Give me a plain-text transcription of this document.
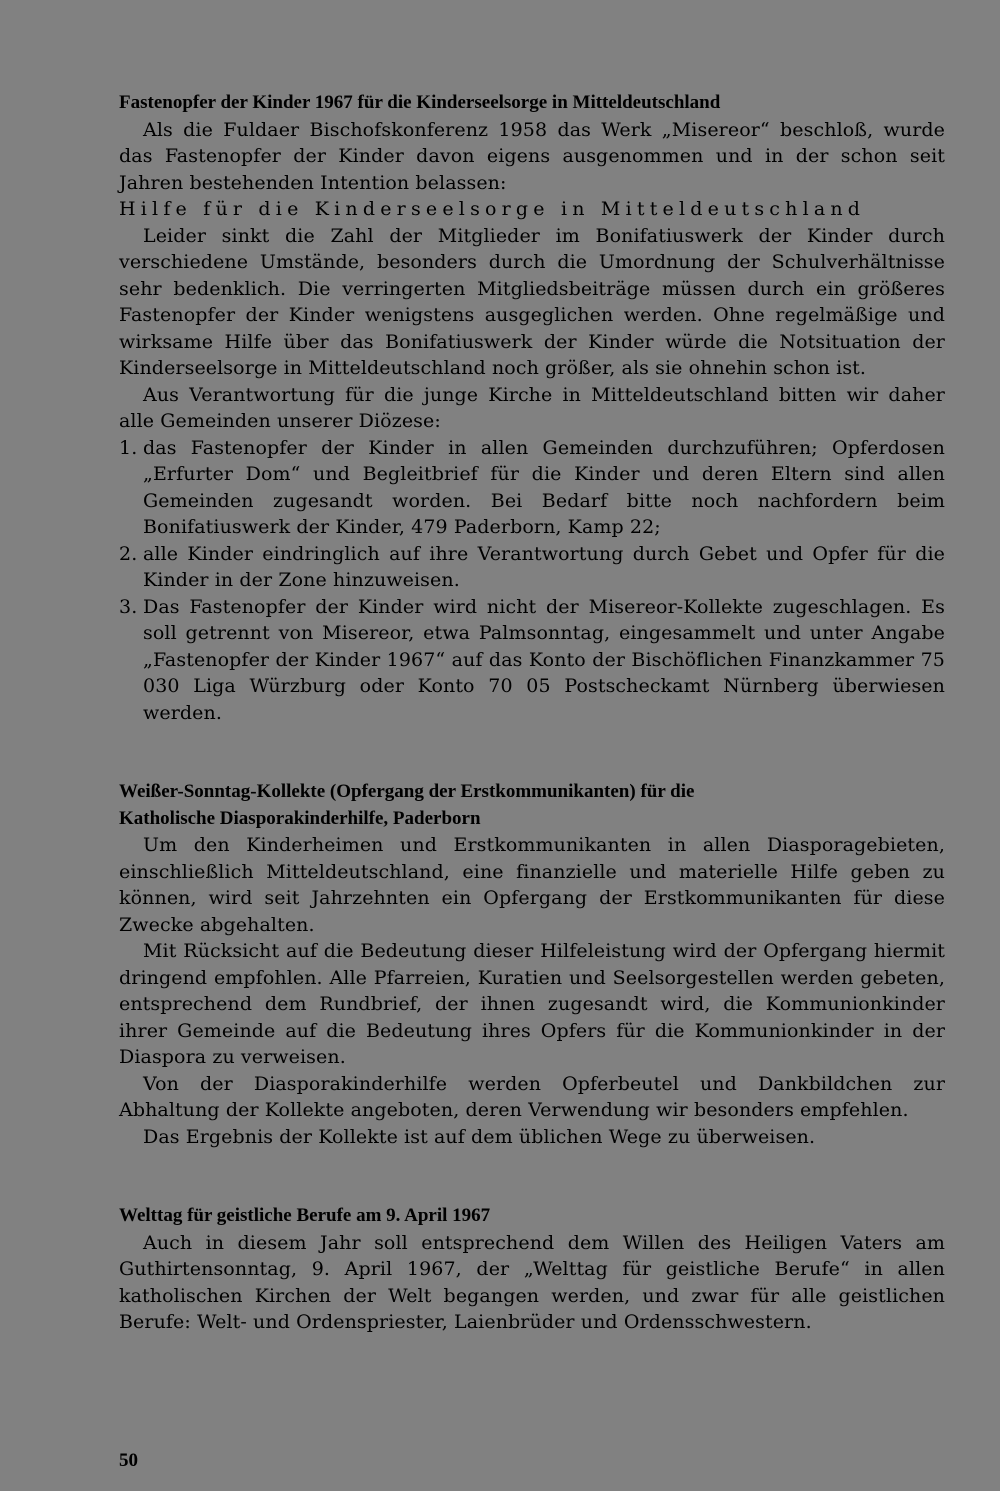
Fastenopfer der Kinder 1967 für die Kinderseelsorge in Mitteldeutschland

Als die Fuldaer Bischofskonferenz 1958 das Werk „Misereor“ beschloß, wurde das Fastenopfer der Kinder davon eigens ausgenommen und in der schon seit Jahren bestehenden Intention belassen:

Hilfe für die Kinderseelsorge in Mitteldeutschland

Leider sinkt die Zahl der Mitglieder im Bonifatiuswerk der Kinder durch verschiedene Umstände, besonders durch die Umordnung der Schulverhältnisse sehr bedenklich. Die verringerten Mitgliedsbeiträge müssen durch ein größeres Fastenopfer der Kinder wenigstens ausgeglichen werden. Ohne regelmäßige und wirksame Hilfe über das Bonifatiuswerk der Kinder würde die Notsituation der Kinderseelsorge in Mitteldeutschland noch größer, als sie ohnehin schon ist.

Aus Verantwortung für die junge Kirche in Mitteldeutschland bitten wir daher alle Gemeinden unserer Diözese:

1. das Fastenopfer der Kinder in allen Gemeinden durchzuführen; Opferdosen „Erfurter Dom“ und Begleitbrief für die Kinder und deren Eltern sind allen Gemeinden zugesandt worden. Bei Bedarf bitte noch nachfordern beim Bonifatiuswerk der Kinder, 479 Paderborn, Kamp 22;
2. alle Kinder eindringlich auf ihre Verantwortung durch Gebet und Opfer für die Kinder in der Zone hinzuweisen.
3. Das Fastenopfer der Kinder wird nicht der Misereor-Kollekte zugeschlagen. Es soll getrennt von Misereor, etwa Palmsonntag, eingesammelt und unter Angabe „Fastenopfer der Kinder 1967“ auf das Konto der Bischöflichen Finanzkammer 75 030 Liga Würzburg oder Konto 70 05 Postscheckamt Nürnberg überwiesen werden.
Weißer-Sonntag-Kollekte (Opfergang der Erstkommunikanten) für die
Katholische Diasporakinderhilfe, Paderborn

Um den Kinderheimen und Erstkommunikanten in allen Diasporagebieten, einschließlich Mitteldeutschland, eine finanzielle und materielle Hilfe geben zu können, wird seit Jahrzehnten ein Opfergang der Erstkommunikanten für diese Zwecke abgehalten.

Mit Rücksicht auf die Bedeutung dieser Hilfeleistung wird der Opfergang hiermit dringend empfohlen. Alle Pfarreien, Kuratien und Seelsorgestellen werden gebeten, entsprechend dem Rundbrief, der ihnen zugesandt wird, die Kommunionkinder ihrer Gemeinde auf die Bedeutung ihres Opfers für die Kommunionkinder in der Diaspora zu verweisen.

Von der Diasporakinderhilfe werden Opferbeutel und Dankbildchen zur Abhaltung der Kollekte angeboten, deren Verwendung wir besonders empfehlen.

Das Ergebnis der Kollekte ist auf dem üblichen Wege zu überweisen.

Welttag für geistliche Berufe am 9. April 1967

Auch in diesem Jahr soll entsprechend dem Willen des Heiligen Vaters am Guthirtensonntag, 9. April 1967, der „Welttag für geistliche Berufe“ in allen katholischen Kirchen der Welt begangen werden, und zwar für alle geistlichen Berufe: Welt- und Ordenspriester, Laienbrüder und Ordensschwestern.

50
